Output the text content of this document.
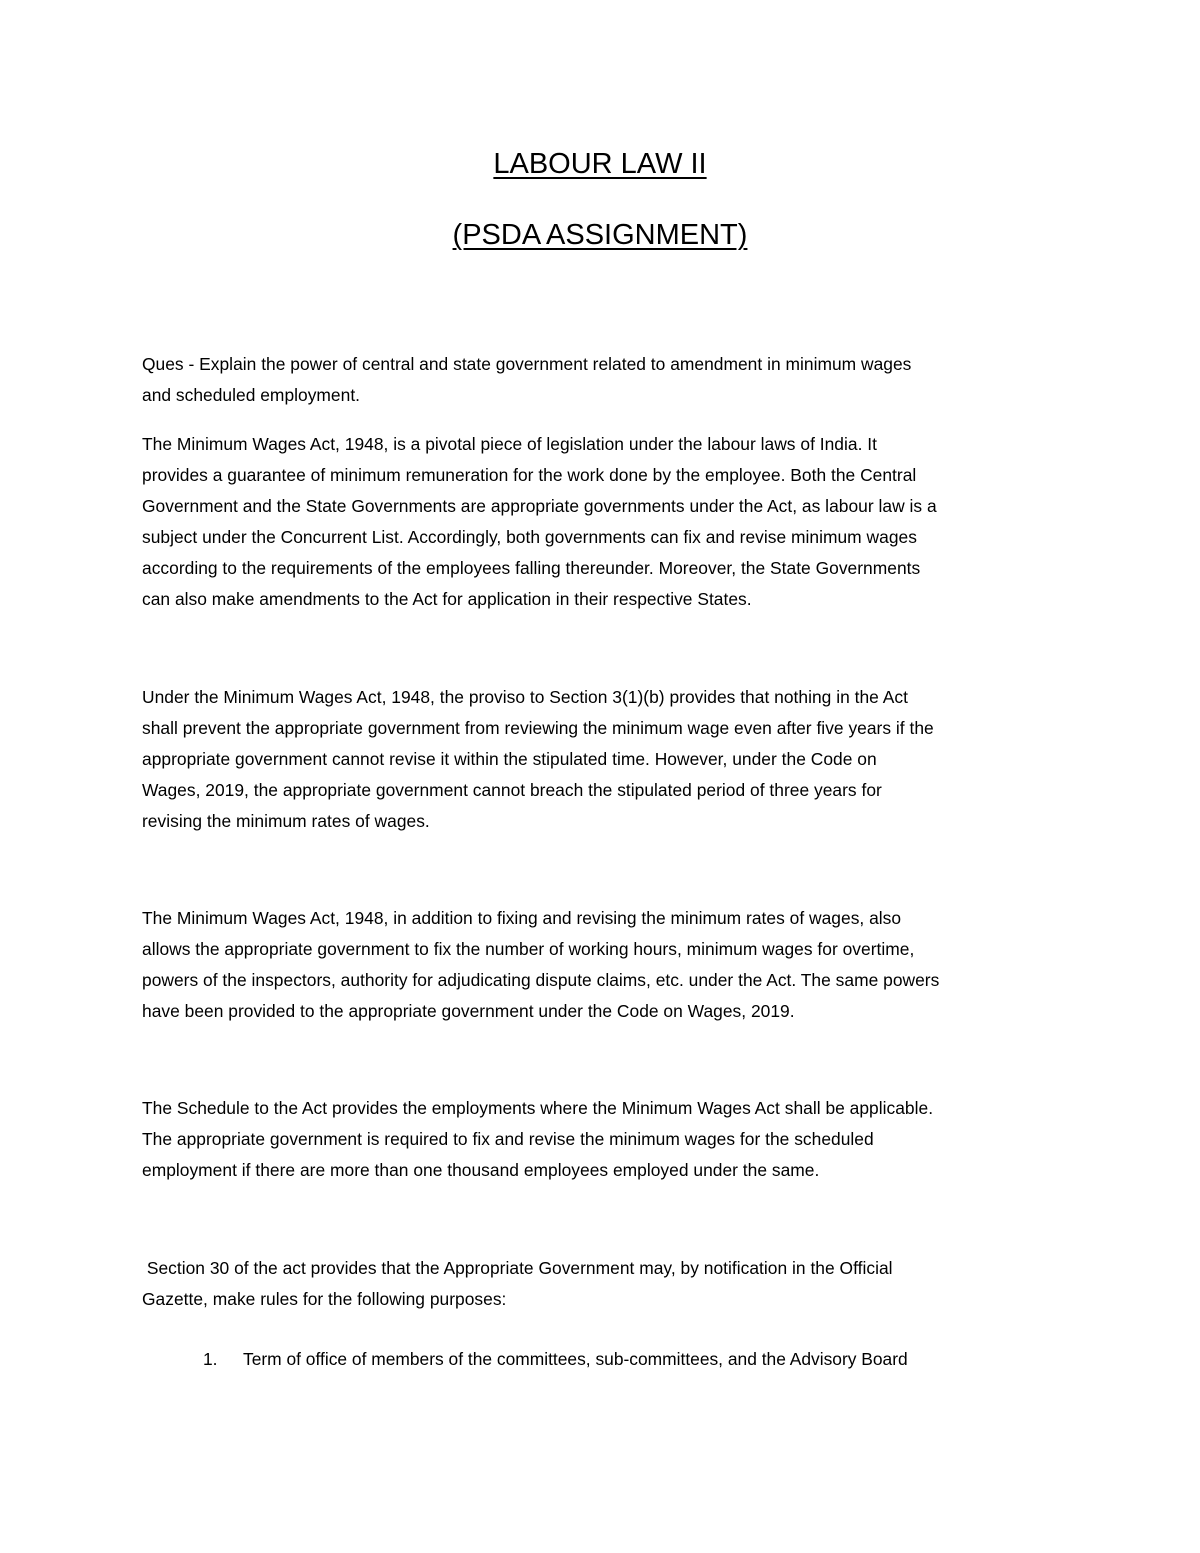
LABOUR LAW II
(PSDA ASSIGNMENT)
Ques - Explain the power of central and state government related to amendment in minimum wages
and scheduled employment.
The Minimum Wages Act, 1948, is a pivotal piece of legislation under the labour laws of India. It
provides a guarantee of minimum remuneration for the work done by the employee. Both the Central
Government and the State Governments are appropriate governments under the Act, as labour law is a
subject under the Concurrent List. Accordingly, both governments can fix and revise minimum wages
according to the requirements of the employees falling thereunder. Moreover, the State Governments
can also make amendments to the Act for application in their respective States.
Under the Minimum Wages Act, 1948, the proviso to Section 3(1)(b) provides that nothing in the Act
shall prevent the appropriate government from reviewing the minimum wage even after five years if the
appropriate government cannot revise it within the stipulated time. However, under the Code on
Wages, 2019, the appropriate government cannot breach the stipulated period of three years for
revising the minimum rates of wages.
The Minimum Wages Act, 1948, in addition to fixing and revising the minimum rates of wages, also
allows the appropriate government to fix the number of working hours, minimum wages for overtime,
powers of the inspectors, authority for adjudicating dispute claims, etc. under the Act. The same powers
have been provided to the appropriate government under the Code on Wages, 2019.
The Schedule to the Act provides the employments where the Minimum Wages Act shall be applicable.
The appropriate government is required to fix and revise the minimum wages for the scheduled
employment if there are more than one thousand employees employed under the same.
Section 30 of the act provides that the Appropriate Government may, by notification in the Official
Gazette, make rules for the following purposes:
1. Term of office of members of the committees, sub-committees, and the Advisory Board
